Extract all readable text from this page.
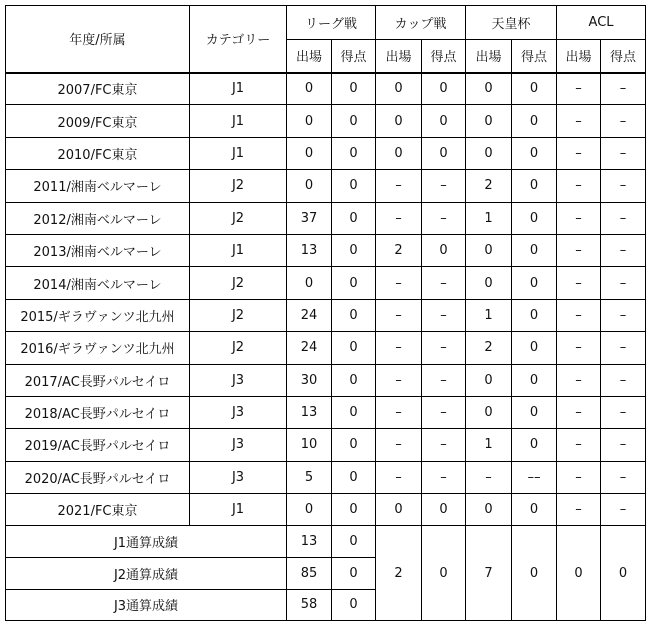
年度/所属	カテゴリー	リーグ戦		カップ戦		天皇杯		ACL	
		出場	得点	出場	得点	出場	得点	出場	得点
2007/FC東京	J1	0	0	0	0	0	0	–	–
2009/FC東京	J1	0	0	0	0	0	0	–	–
2010/FC東京	J1	0	0	0	0	0	0	–	–
2011/湘南ベルマーレ	J2	0	0	–	–	2	0	–	–
2012/湘南ベルマーレ	J2	37	0	–	–	1	0	–	–
2013/湘南ベルマーレ	J1	13	0	2	0	0	0	–	–
2014/湘南ベルマーレ	J2	0	0	–	–	0	0	–	–
2015/ギラヴァンツ北九州	J2	24	0	–	–	1	0	–	–
2016/ギラヴァンツ北九州	J2	24	0	–	–	2	0	–	–
2017/AC長野パルセイロ	J3	30	0	–	–	0	0	–	–
2018/AC長野パルセイロ	J3	13	0	–	–	0	0	–	–
2019/AC長野パルセイロ	J3	10	0	–	–	1	0	–	–
2020/AC長野パルセイロ	J3	5	0	–	–	–	––	–	–
2021/FC東京	J1	0	0	0	0	0	0	–	–
J1通算成績		13	0	2	0	7	0	0	0
J2通算成績		85	0						
J3通算成績		58	0						
